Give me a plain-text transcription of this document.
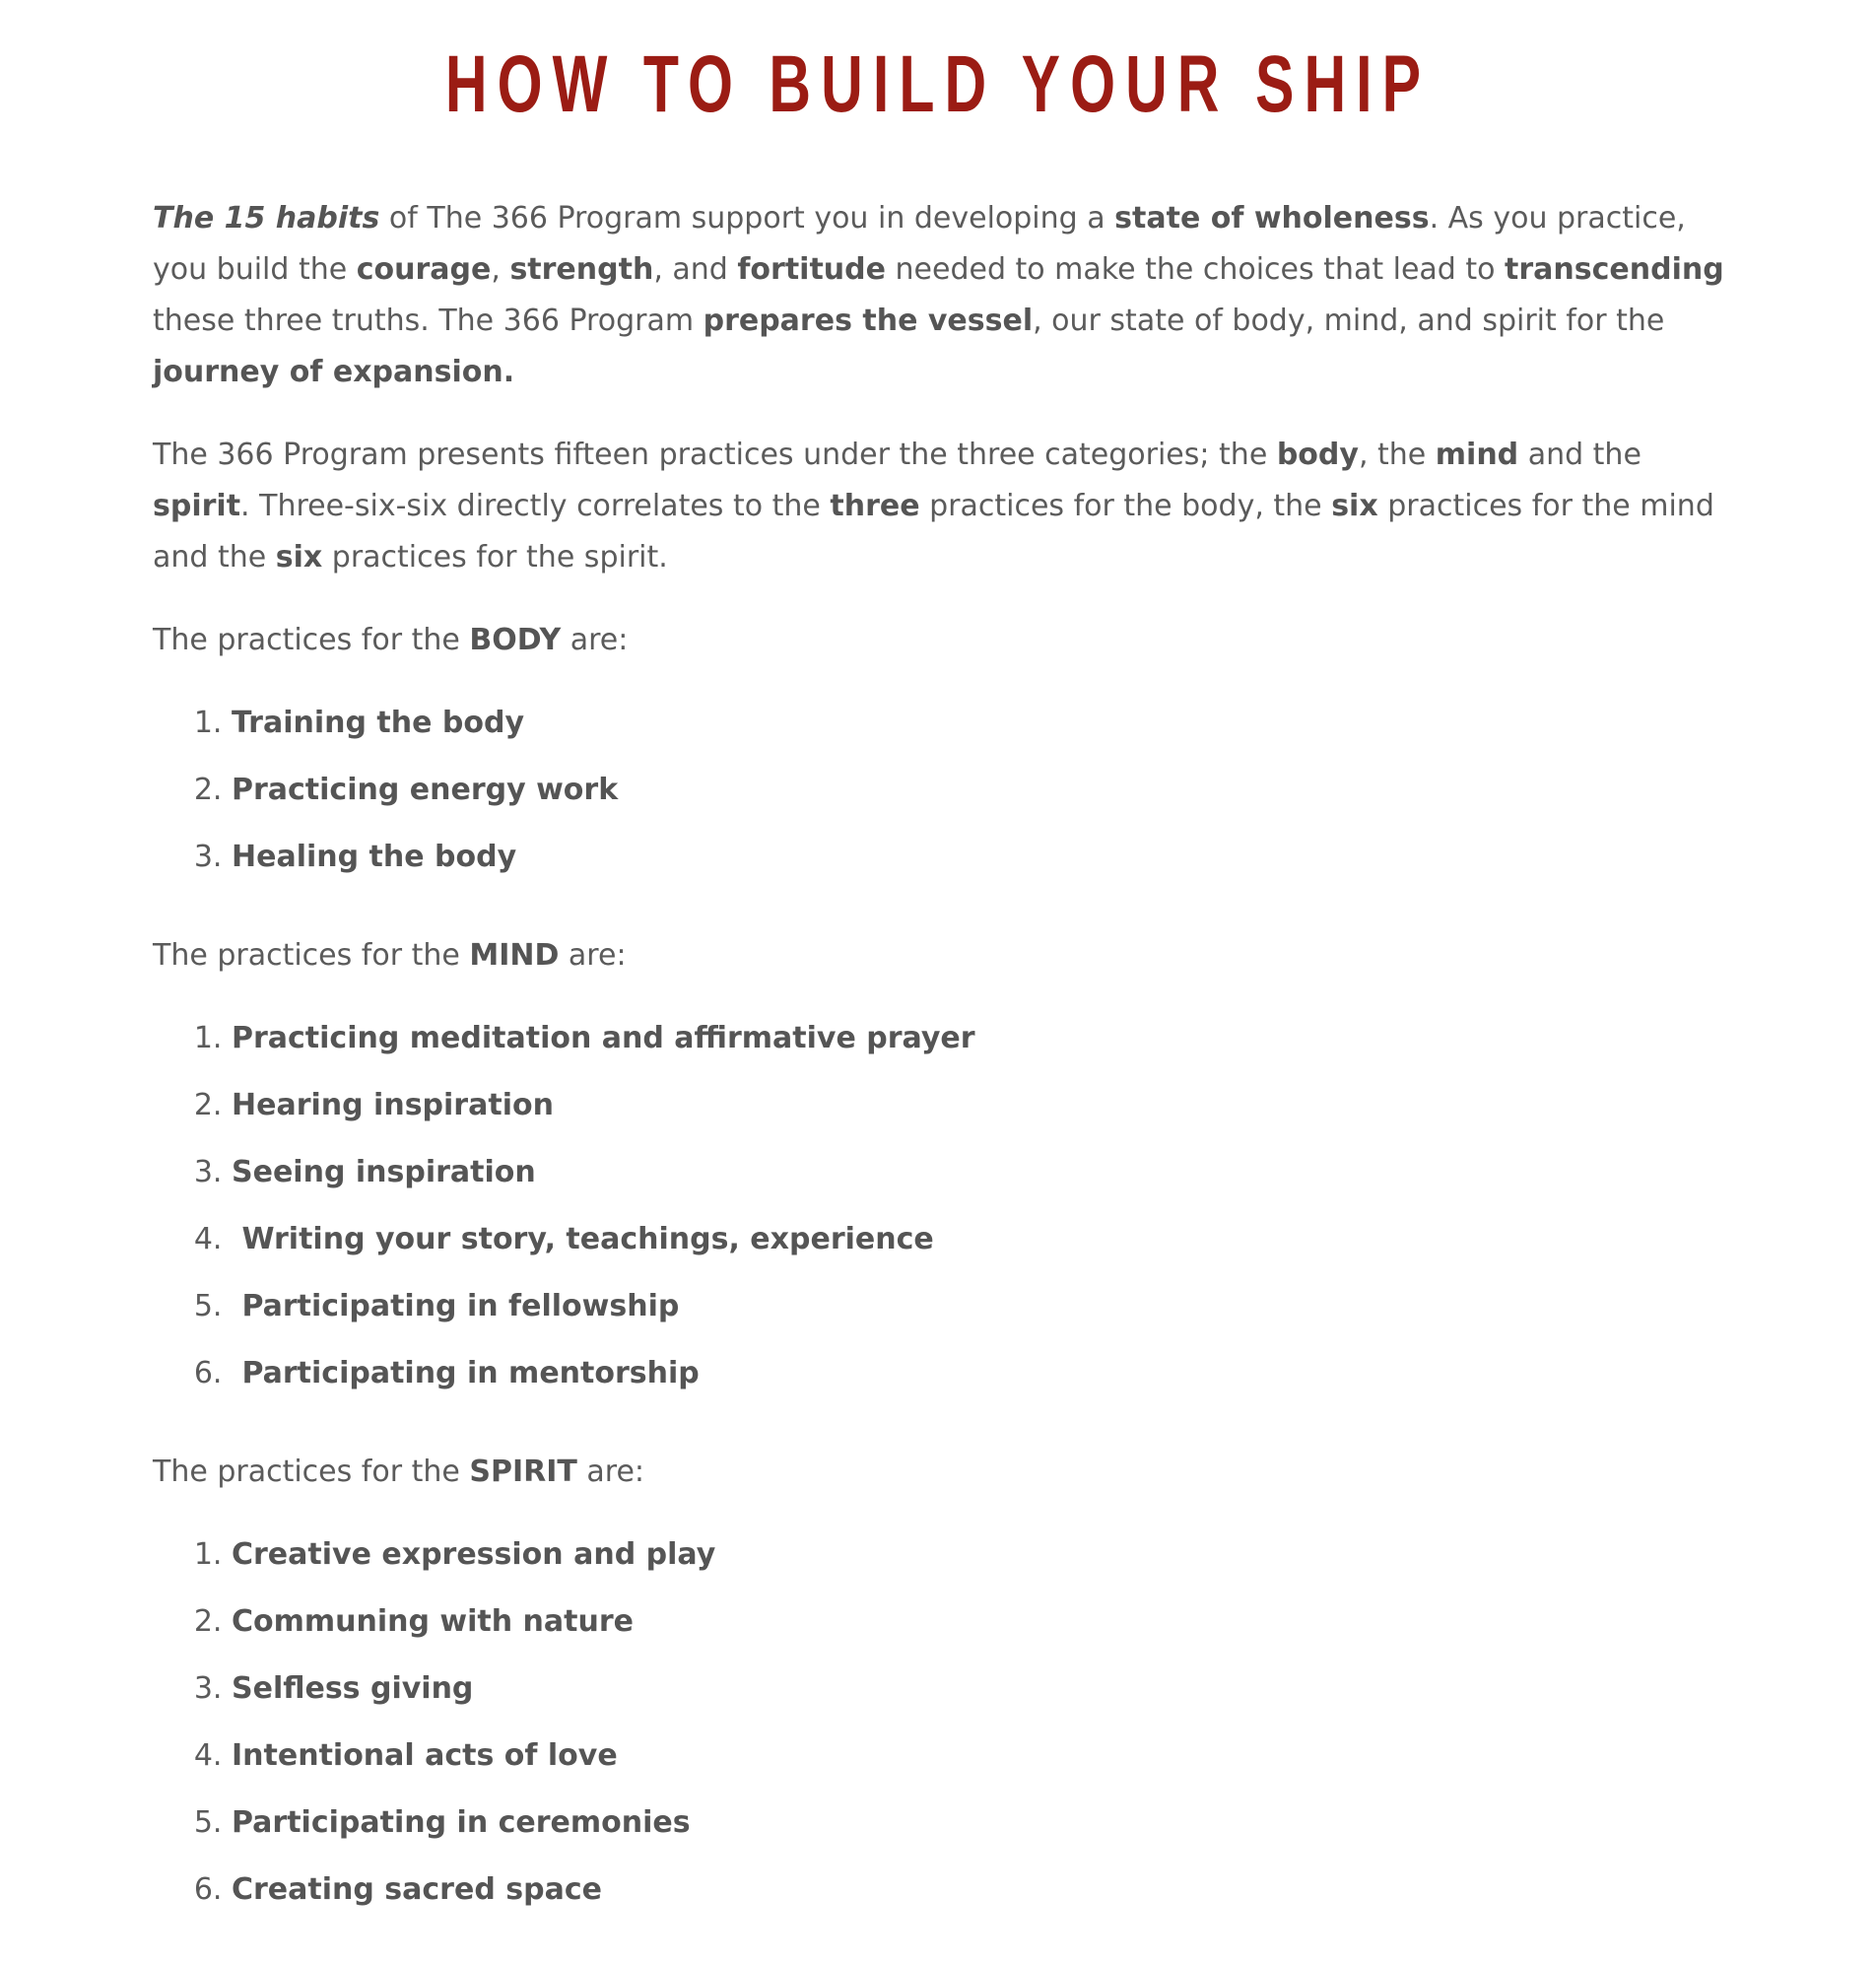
HOW TO BUILD YOUR SHIP

The 15 habits of The 366 Program support you in developing a state of wholeness. As you practice, you build the courage, strength, and fortitude needed to make the choices that lead to transcending these three truths. The 366 Program prepares the vessel, our state of body, mind, and spirit for the journey of expansion.

The 366 Program presents fifteen practices under the three categories; the body, the mind and the spirit. Three-six-six directly correlates to the three practices for the body, the six practices for the mind and the six practices for the spirit.

The practices for the BODY are:

1. Training the body
2. Practicing energy work
3. Healing the body

The practices for the MIND are:

1. Practicing meditation and affirmative prayer
2. Hearing inspiration
3. Seeing inspiration
4.  Writing your story, teachings, experience
5.  Participating in fellowship
6.  Participating in mentorship

The practices for the SPIRIT are:

1. Creative expression and play
2. Communing with nature
3. Selfless giving
4. Intentional acts of love
5. Participating in ceremonies
6. Creating sacred space
